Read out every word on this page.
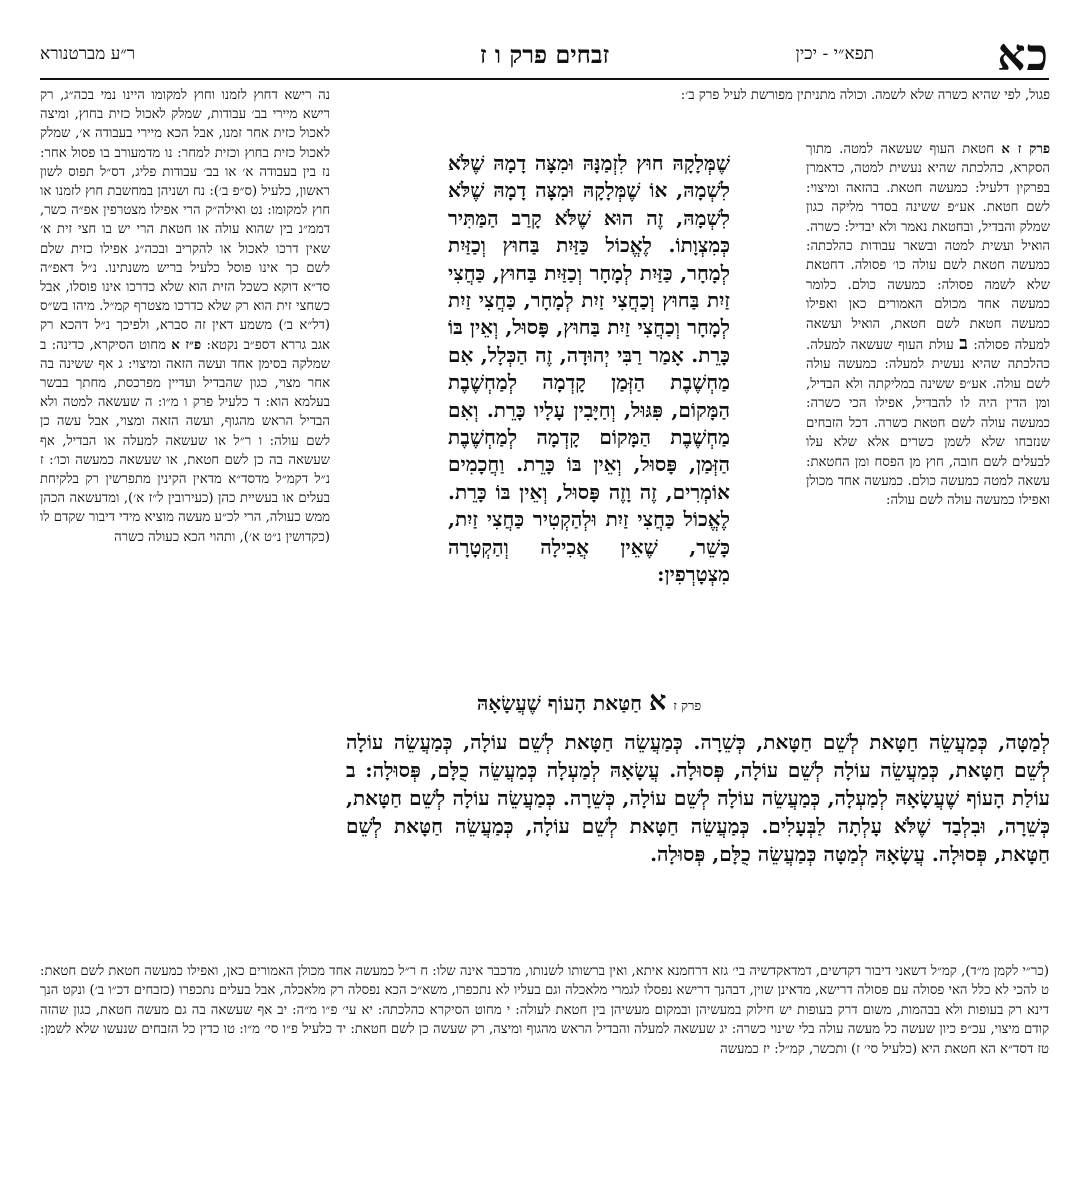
כא
תפא״י - יכין
זבחים פרק ו ז
ר״ע מברטנורא
פגול, לפי שהיא כשרה שלא לשמה. וכולה מתניתין מפורשת לעיל פרק ב׳:
פרק ז א חטאת העוף שעשאה למטה. מתוך הסקרא, כהלכתה שהיא נעשית למטה, כדאמרן בפרקין דלעיל: כמעשה חטאת. בהזאה ומיצוי: לשם חטאת. אע״פ ששינה בסדר מליקה כגון שמלק והבדיל, ובחטאת נאמר ולא יבדיל: כשרה. הואיל ועשית למטה ובשאר עבודות כהלכתה: כמעשה חטאת לשם עולה כו׳ פסולה. דחטאת שלא לשמה פסולה: כמעשה כולם. כלומר כמעשה אחד מכולם האמורים כאן ואפילו כמעשה חטאת לשם חטאת, הואיל ועשאה למעלה פסולה: ב עולת העוף שעשאה למעלה. כהלכתה שהיא נעשית למעלה: כמעשה עולה לשם עולה. אע״פ ששינה במליקתה ולא הבדיל, ומן הדין היה לו להבדיל, אפילו הכי כשרה: כמעשה עולה לשם חטאת כשרה. דכל הזבחים שנזבחו שלא לשמן כשרים אלא שלא עלו לבעלים לשם חובה, חוץ מן הפסח ומן החטאת: עשאה למטה כמעשה כולם. כמעשה אחד מכולן ואפילו כמעשה עולה לשם עולה:
שֶׁמְּלָקָהּ חוּץ לִזְמַנָּהּ וּמִצָּה דָמָהּ שֶׁלֹּא לִשְׁמָהּ, אוֹ שֶׁמְּלָקָהּ וּמִצָּה דָמָהּ שֶׁלֹּא לִשְׁמָהּ, זֶה הוּא שֶׁלֹּא קָרַב הַמַּתִּיר כְּמִצְוָתוֹ. לֶאֱכוֹל כַּזַּיִת בַּחוּץ וְכַזַּיִת לְמָחָר, כַּזַּיִת לְמָחָר וְכַזַּיִת בַּחוּץ, כַּחֲצִי זַיִת בַּחוּץ וְכַחֲצִי זַיִת לְמָחָר, כַּחֲצִי זַיִת לְמָחָר וְכַחֲצִי זַיִת בַּחוּץ, פָּסוּל, וְאֵין בּוֹ כָּרֵת. אָמַר רַבִּי יְהוּדָה, זֶה הַכְּלָל, אִם מַחְשֶׁבֶת הַזְּמַן קָדְמָה לְמַחְשֶׁבֶת הַמָּקוֹם, פִּגּוּל, וְחַיָּבִין עָלָיו כָּרֵת. וְאִם מַחְשֶׁבֶת הַמָּקוֹם קָדְמָה לְמַחְשֶׁבֶת הַזְּמַן, פָּסוּל, וְאֵין בּוֹ כָּרֵת. וַחֲכָמִים אוֹמְרִים, זֶה וָזֶה פָּסוּל, וְאֵין בּוֹ כָּרֵת. לֶאֱכוֹל כַּחֲצִי זַיִת וּלְהַקְטִיר כַּחֲצִי זַיִת, כָּשֵׁר, שֶׁאֵין אֲכִילָה וְהַקְטָרָה מִצְטָרְפִין:
פרק ז א חַטַּאת הָעוֹף שֶׁעֲשָׂאָהּ
נה רישא דחוץ לזמנו וחוץ למקומו היינו נמי בכה״ג, רק רישא מיירי בב׳ עבודות, שמלק לאכול כזית בחוץ, ומיצה לאכול כזית אחר זמנו, אבל הכא מיירי בעבודה א׳, שמלק לאכול כזית בחוץ וכזית למחר: נו מדמעורב בו פסול אחר: נז בין בעבודה א׳ או בב׳ עבודות פליג, דס״ל תפוס לשון ראשון, כלעיל (ס״פ ב׳): נח ושניהן במחשבת חוץ לזמנו או חוץ למקומו: נט ואילה״ק הרי אפילו מצטרפין אפ״ה כשר, דממ״נ בין שהוא עולה או חטאת הרי יש בו חצי זית א׳ שאין דרכו לאכול או להקריב ובכה״ג אפילו כזית שלם לשם כך אינו פוסל כלעיל בריש משנתינו. נ״ל דאפ״ה סד״א דוקא כשכל הזית הוא שלא כדרכו אינו פוסלו, אבל כשחצי זית הוא רק שלא כדרכו מצטרף קמ״ל. מיהו בש״ס (דל״א ב׳) משמע דאין זה סברא, ולפיכך נ״ל דהכא רק אגב גררא דספ״ב נקטא: פ״ז א מחוט הסיקרא, כדינה: ב שמלקה בסימן אחד ועשה הזאה ומיצוי: ג אף ששינה בה אחר מצוי, כגון שהבדיל ועדיין מפרכסת, מחתך בבשר בעלמא הוא: ד כלעיל פרק ו מ״ו: ה שעשאה למטה ולא הבדיל הראש מהגוף, ועשה הזאה ומצוי, אבל עשה כן לשם עולה: ו ר״ל או שעשאה למעלה או הבדיל, אף שעשאה בה כן לשם חטאת, או שעשאה כמעשה וכו׳: ז נ״ל דקמ״ל מדסד״א מדאין הקינין מתפרשין רק בלקיחת בעלים או בעשיית כהן (כעירובין ל״ז א׳), ומדעשאה הכהן ממש כעולה, הרי לכ״ע מעשה מוציא מידי דיבור שקדם לו (כקדושין נ״ט א׳), ותהוי הכא כעולה כשרה
לְמַטָּה, כְּמַעֲשֵׂה חַטָּאת לְשֵׁם חַטָּאת, כְּשֵׁרָה. כְּמַעֲשֵׂה חַטָּאת לְשֵׁם עוֹלָה, כְּמַעֲשֵׂה עוֹלָה לְשֵׁם חַטָּאת, כְּמַעֲשֵׂה עוֹלָה לְשֵׁם עוֹלָה, פְּסוּלָה. עֲשָׂאָהּ לְמַעְלָה כְּמַעֲשֵׂה כֻלָּם, פְּסוּלָה: ב עוֹלַת הָעוֹף שֶׁעֲשָׂאָהּ לְמַעְלָה, כְּמַעֲשֵׂה עוֹלָה לְשֵׁם עוֹלָה, כְּשֵׁרָה. כְּמַעֲשֵׂה עוֹלָה לְשֵׁם חַטָּאת, כְּשֵׁרָה, וּבִלְבַד שֶׁלֹּא עָלְתָה לַבְּעָלִים. כְּמַעֲשֵׂה חַטָּאת לְשֵׁם עוֹלָה, כְּמַעֲשֵׂה חַטָּאת לְשֵׁם חַטָּאת, פְּסוּלָה. עֲשָׂאָהּ לְמַטָּה כְּמַעֲשֵׂה כֻלָּם, פְּסוּלָה.
(כר״י לקמן מ״ד), קמ״ל דשאני דיבור דקדשים, דמדאקדשיה בי׳ גזא דרחמנא איתא, ואין ברשותו לשנותו, מדכבר אינה שלו: ח ר״ל כמעשה אחד מכולן האמורים כאן, ואפילו כמעשה חטאת לשם חטאת: ט להכי לא כלל האי פסולה עם פסולה דרישא, מדאינן שוין, דבהנך דרישא נפסלו לגמרי מלאכלה וגם בעליו לא נתכפרו, משא״כ הכא נפסלה רק מלאכלה, אבל בעלים נתכפרו (כזבחים דכ״ו ב׳) ונקט הנך דינא רק בעופות ולא בבהמות, משום דרק בעופות יש חילוק במעשיהן ובמקום מעשיהן בין חטאת לעולה: י מחוט הסיקרא כהלכתה: יא עי׳ פ״ו מ״ה: יב אף שעשאה בה גם מעשה חטאת, כגון שהזה קודם מיצוי, עכ״פ כיון שעשה כל מעשה עולה בלי שינוי כשרה: יג שעשאה למעלה והבדיל הראש מהגוף ומיצה, רק שעשה כן לשם חטאת: יד כלעיל פ״ו סי׳ מ״ו: טו כדין כל הזבחים שנעשו שלא לשמן: טז דסד״א הא חטאת היא (כלעיל סי׳ ז) ותכשר, קמ״ל: יז כמעשה
